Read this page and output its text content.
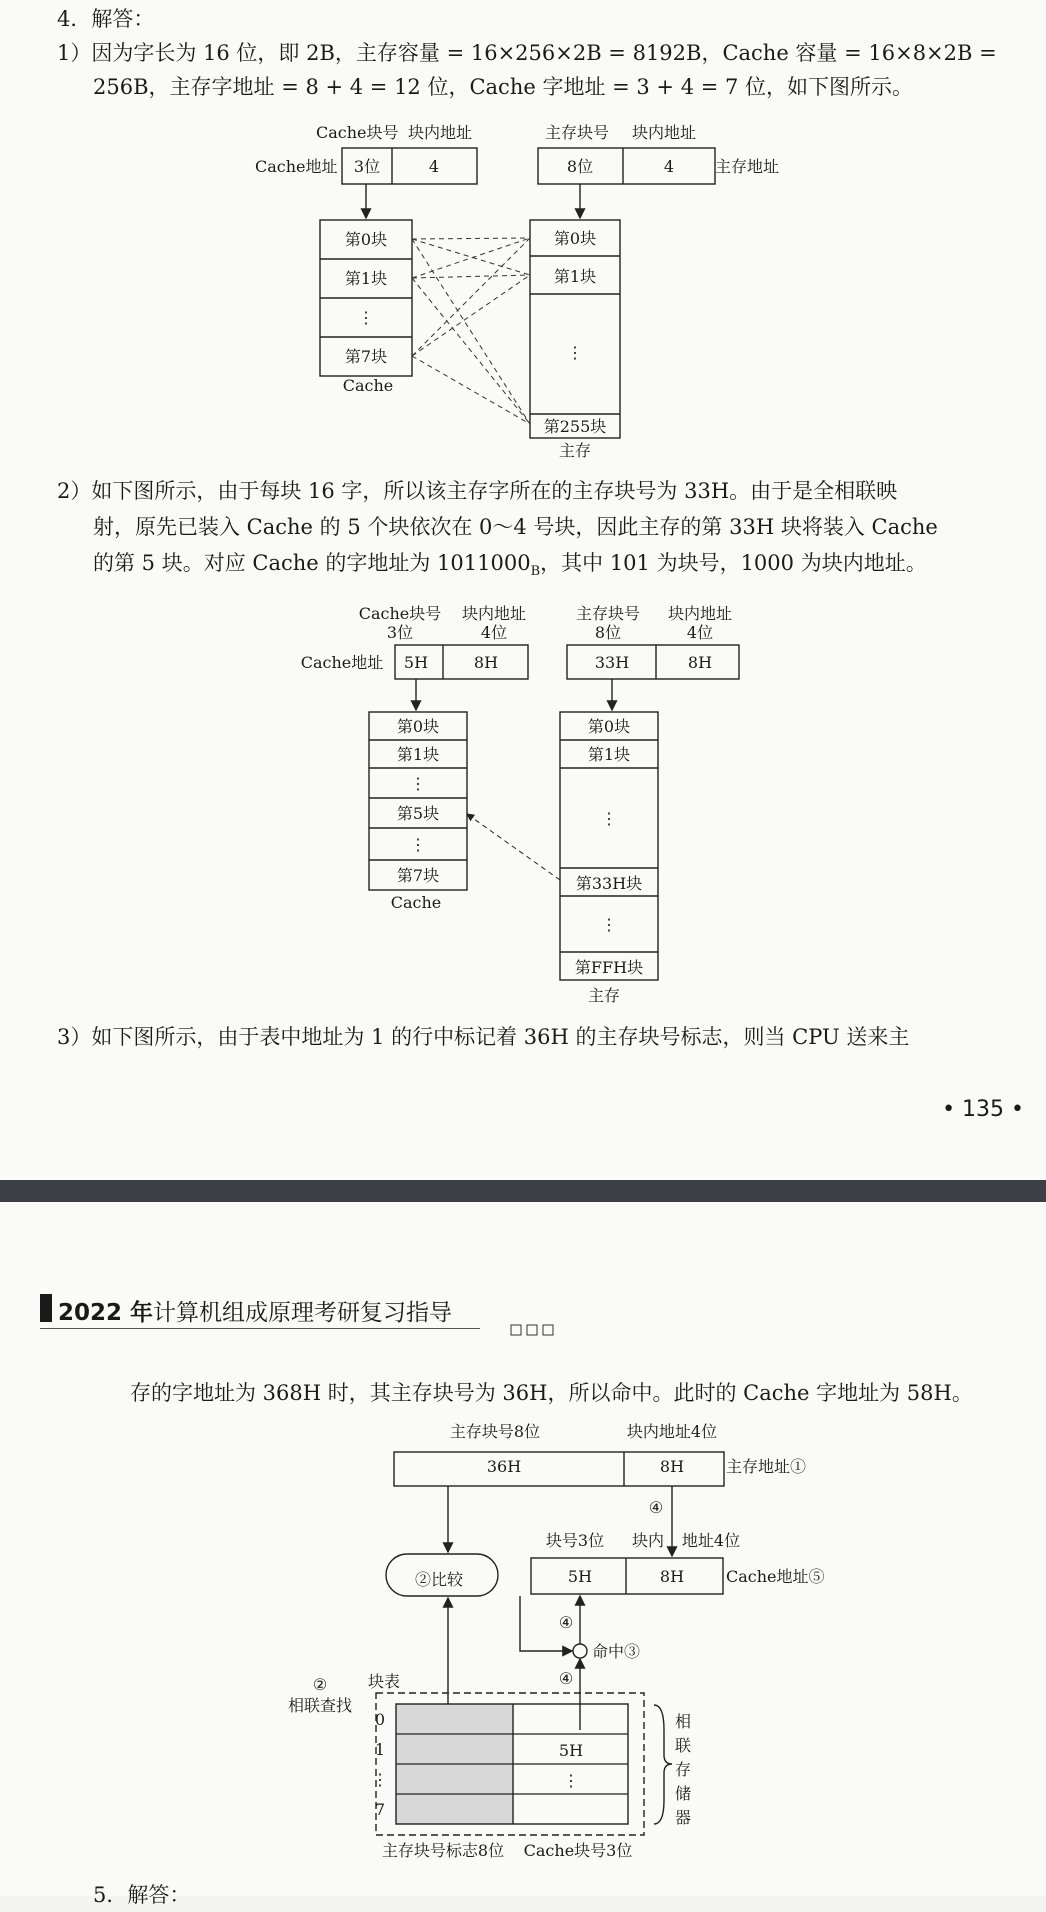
4．解答：

1）因为字长为 16 位，即 2B，主存容量 = 16×256×2B = 8192B，Cache 容量 = 16×8×2B =

256B，主存字地址 = 8 + 4 = 12 位，Cache 字地址 = 3 + 4 = 7 位，如下图所示。

Cache块号 块内地址	主存块号 块内地址
Cache地址	主存地址
3位	4	8位	4
第0块
第1块
⋮
第7块
Cache
第0块
第1块
⋮
第255块
主存

2）如下图所示，由于每块 16 字，所以该主存字所在的主存块号为 33H。由于是全相联映

射，原先已装入 Cache 的 5 个块依次在 0～4 号块，因此主存的第 33H 块将装入 Cache

的第 5 块。对应 Cache 的字地址为 $1011000_B$，其中 101 为块号，1000 为块内地址。

Cache块号
3位
块内地址
4位
主存块号
8位
块内地址
4位
Cache地址 5H	8H	33H	8H
第0块
第1块
⋮
第5块
⋮
第7块
Cache
第0块
第1块
⋮
第33H块
⋮
第FFH块
主存

3）如下图所示，由于表中地址为 1 的行中标记着 36H 的主存块号标志，则当 CPU 送来主

• 135 •
2022 年计算机组成原理考研复习指导

存的字地址为 368H 时，其主存块号为 36H，所以命中。此时的 Cache 字地址为 58H。

主存块号8位	块内地址4位
36H	8H
④
块号3位 块内 地址4位
②比较	5H	8H
④
④
②
相联查找
块表
0
1
⋮
7
5H
⋮
相
联
存
储
器
主存块号标志8位 Cache块号3位
主存地址①
Cache地址⑤
命中③

5．解答：
